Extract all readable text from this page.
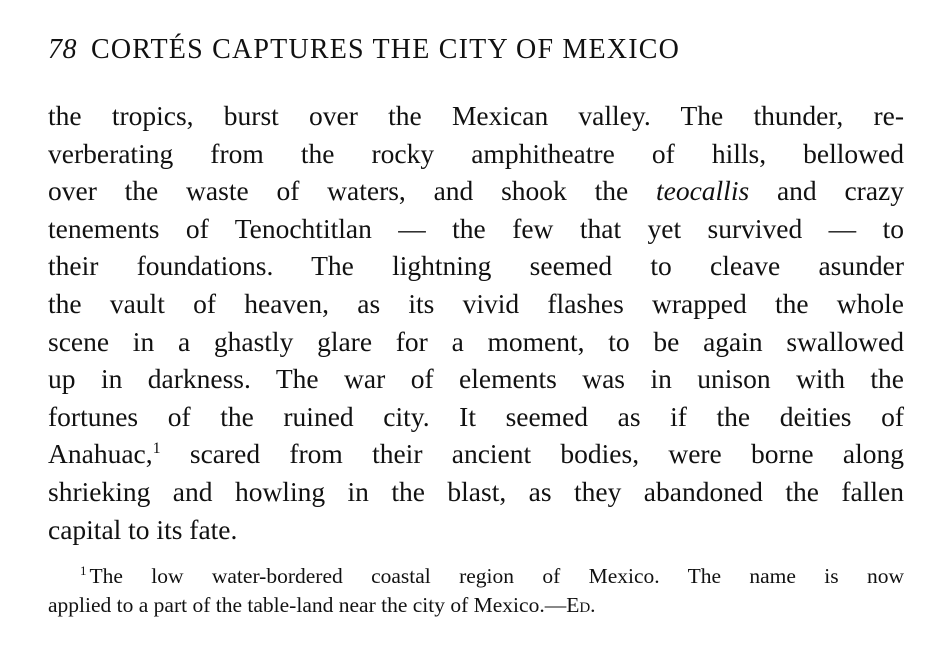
78 CORTÉS CAPTURES THE CITY OF MEXICO
the tropics, burst over the Mexican valley. The thunder, re-
verberating from the rocky amphitheatre of hills, bellowed
over the waste of waters, and shook the teocallis and crazy
tenements of Tenochtitlan — the few that yet survived — to
their foundations. The lightning seemed to cleave asunder
the vault of heaven, as its vivid flashes wrapped the whole
scene in a ghastly glare for a moment, to be again swallowed
up in darkness. The war of elements was in unison with the
fortunes of the ruined city. It seemed as if the deities of
Anahuac,$^1$ scared from their ancient bodies, were borne along
shrieking and howling in the blast, as they abandoned the fallen
capital to its fate.
$^1$ The low water-bordered coastal region of Mexico. The name is now
applied to a part of the table-land near the city of Mexico.—Ed.
